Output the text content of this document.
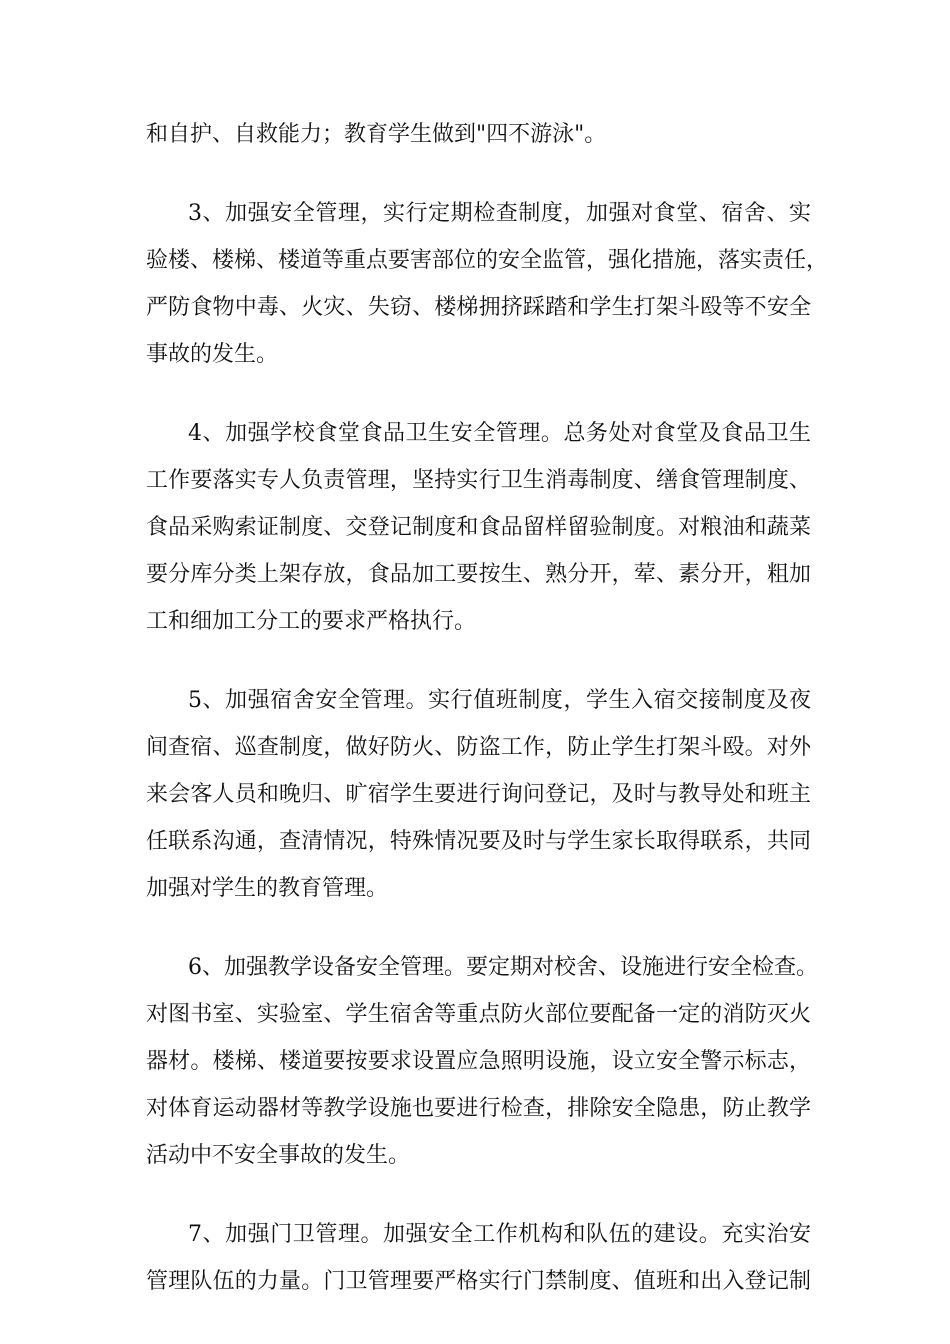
和自护、自救能力；教育学生做到"四不游泳"。
3、加强安全管理，实行定期检查制度，加强对食堂、宿舍、实
验楼、楼梯、楼道等重点要害部位的安全监管，强化措施，落实责任，
严防食物中毒、火灾、失窃、楼梯拥挤踩踏和学生打架斗殴等不安全
事故的发生。
4、加强学校食堂食品卫生安全管理。总务处对食堂及食品卫生
工作要落实专人负责管理，坚持实行卫生消毒制度、缮食管理制度、
食品采购索证制度、交登记制度和食品留样留验制度。对粮油和蔬菜
要分库分类上架存放，食品加工要按生、熟分开，荤、素分开，粗加
工和细加工分工的要求严格执行。
5、加强宿舍安全管理。实行值班制度，学生入宿交接制度及夜
间查宿、巡查制度，做好防火、防盗工作，防止学生打架斗殴。对外
来会客人员和晚归、旷宿学生要进行询问登记，及时与教导处和班主
任联系沟通，查清情况，特殊情况要及时与学生家长取得联系，共同
加强对学生的教育管理。
6、加强教学设备安全管理。要定期对校舍、设施进行安全检查。
对图书室、实验室、学生宿舍等重点防火部位要配备一定的消防灭火
器材。楼梯、楼道要按要求设置应急照明设施，设立安全警示标志，
对体育运动器材等教学设施也要进行检查，排除安全隐患，防止教学
活动中不安全事故的发生。
7、加强门卫管理。加强安全工作机构和队伍的建设。充实治安
管理队伍的力量。门卫管理要严格实行门禁制度、值班和出入登记制
